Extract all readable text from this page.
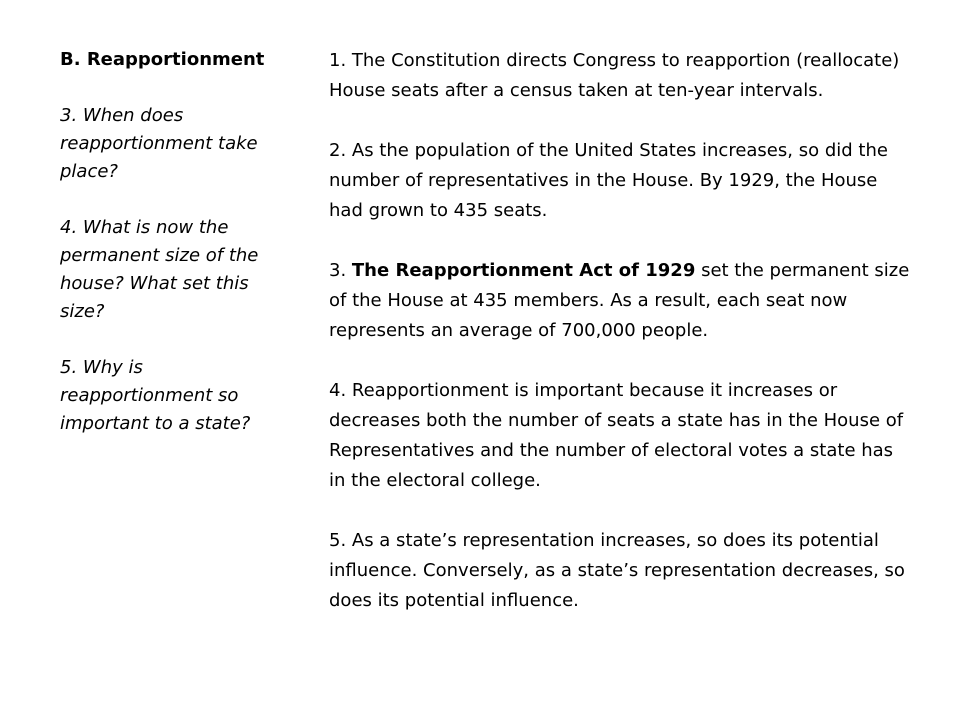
B. Reapportionment

3. When does reapportionment take place?

4. What is now the permanent size of the house? What set this size?

5. Why is reapportionment so important to a state?

1. The Constitution directs Congress to reapportion (reallocate) House seats after a census taken at ten-year intervals.

2. As the population of the United States increases, so did the number of representatives in the House. By 1929, the House had grown to 435 seats.

3. The Reapportionment Act of 1929 set the permanent size of the House at 435 members. As a result, each seat now represents an average of 700,000 people.

4. Reapportionment is important because it increases or decreases both the number of seats a state has in the House of Representatives and the number of electoral votes a state has in the electoral college.

5. As a state’s representation increases, so does its potential influence. Conversely, as a state’s representation decreases, so does its potential influence.
